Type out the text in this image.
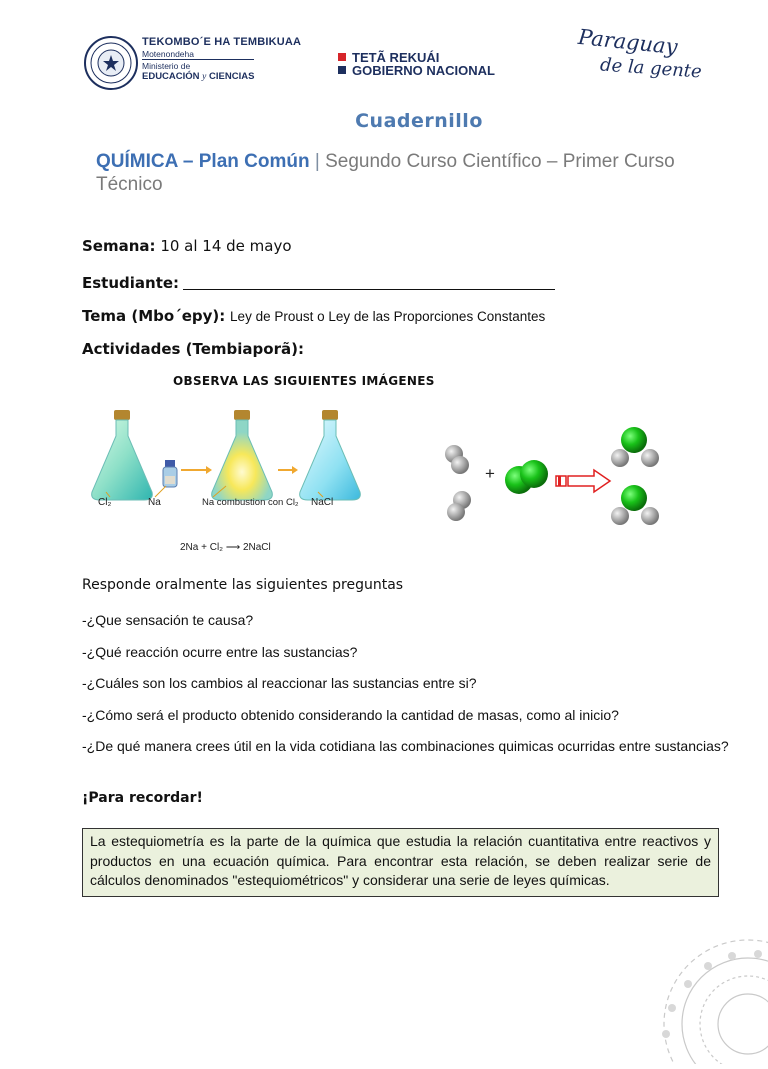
TEKOMBO´E HA TEMBIKUAA
Motenondeha
Ministerio de
EDUCACIÓN y CIENCIAS
TETÃ REKUÁI
GOBIERNO NACIONAL
Paraguay
de la gente
Cuadernillo
QUÍMICA – Plan Común | Segundo Curso Científico – Primer Curso Técnico
Semana: 10 al 14 de mayo
Estudiante:
Tema (Mbo´epy): Ley de Proust o Ley de las Proporciones Constantes
Actividades (Tembiaporã):
OBSERVA LAS SIGUIENTES IMÁGENES
Cl₂	Na	Na combustion con Cl₂ NaCl
2Na + Cl₂ ⟶ 2NaCl
+
Responde oralmente las siguientes preguntas
-¿Que sensación te causa?
-¿Qué reacción ocurre entre las sustancias?
-¿Cuáles son los cambios al reaccionar las sustancias entre si?
-¿Cómo será el producto obtenido considerando la cantidad de masas, como al inicio?
-¿De qué manera crees útil en la vida cotidiana las combinaciones quimicas ocurridas entre sustancias?
¡Para recordar!
La estequiometría es la parte de la química que estudia la relación cuantitativa entre reactivos y productos en una ecuación química. Para encontrar esta relación, se deben realizar serie de cálculos denominados "estequiométricos" y considerar una serie de leyes químicas.
